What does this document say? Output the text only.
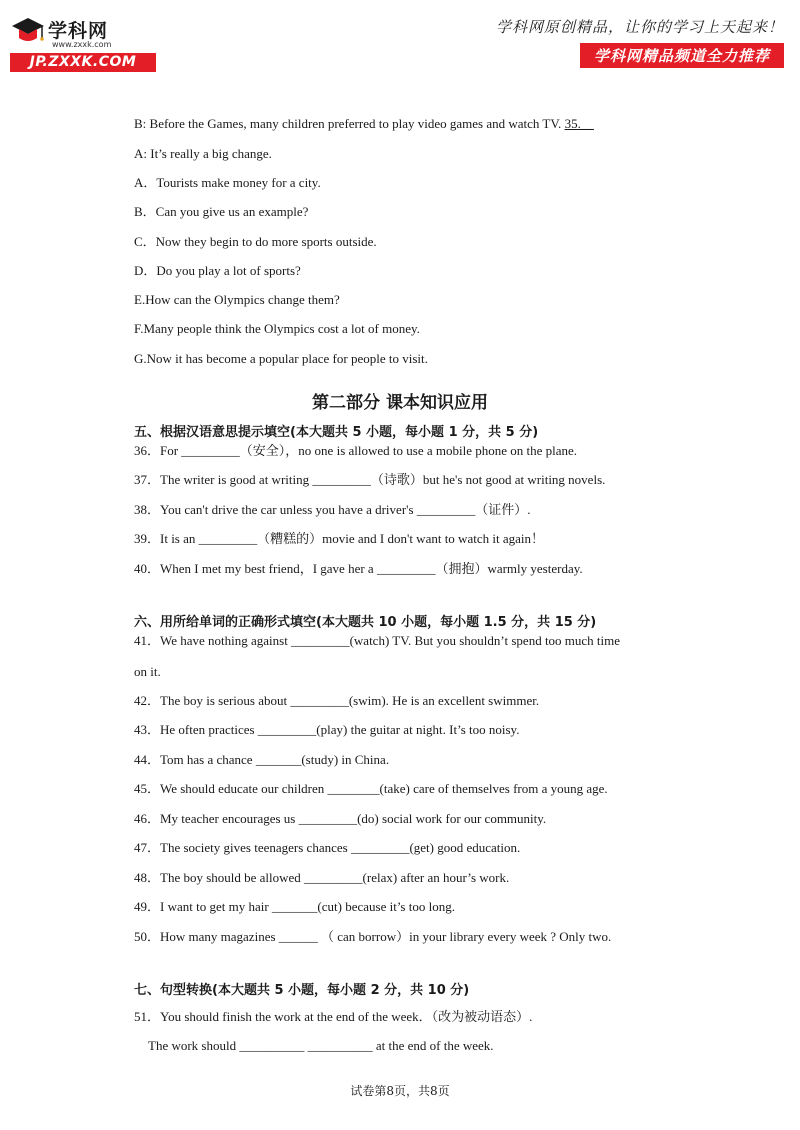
学科网
www.zxxk.com
JP.ZXXK.COM
学科网原创精品，让你的学习上天起来！
学科网精品频道全力推荐
B: Before the Games, many children preferred to play video games and watch TV. 35.__
A: It’s really a big change.
A．Tourists make money for a city.
B．Can you give us an example?
C．Now they begin to do more sports outside.
D．Do you play a lot of sports?
E.How can the Olympics change them?
F.Many people think the Olympics cost a lot of money.
G.Now it has become a popular place for people to visit.
第二部分 课本知识应用
五、根据汉语意思提示填空(本大题共 5 小题，每小题 1 分，共 5 分)
36．For _________（安全），no one is allowed to use a mobile phone on the plane.
37．The writer is good at writing _________（诗歌）but he's not good at writing novels.
38．You can't drive the car unless you have a driver's _________（证件）.
39．It is an _________（糟糕的）movie and I don't want to watch it again！
40．When I met my best friend，I gave her a _________（拥抱）warmly yesterday.
六、用所给单词的正确形式填空(本大题共 10 小题，每小题 1.5 分，共 15 分)
41．We have nothing against _________(watch) TV. But you shouldn’t spend too much time
on it.
42．The boy is serious about _________(swim). He is an excellent swimmer.
43．He often practices _________(play) the guitar at night. It’s too noisy.
44．Tom has a chance _______(study) in China.
45．We should educate our children ________(take) care of themselves from a young age.
46．My teacher encourages us _________(do) social work for our community.
47．The society gives teenagers chances _________(get) good education.
48．The boy should be allowed _________(relax) after an hour’s work.
49．I want to get my hair _______(cut) because it’s too long.
50．How many magazines ______ （ can borrow）in your library every week ? Only two.
七、句型转换(本大题共 5 小题，每小题 2 分，共 10 分)
51．You should finish the work at the end of the week．（改为被动语态）.
The work should __________ __________ at the end of the week.
试卷第8页，共8页
